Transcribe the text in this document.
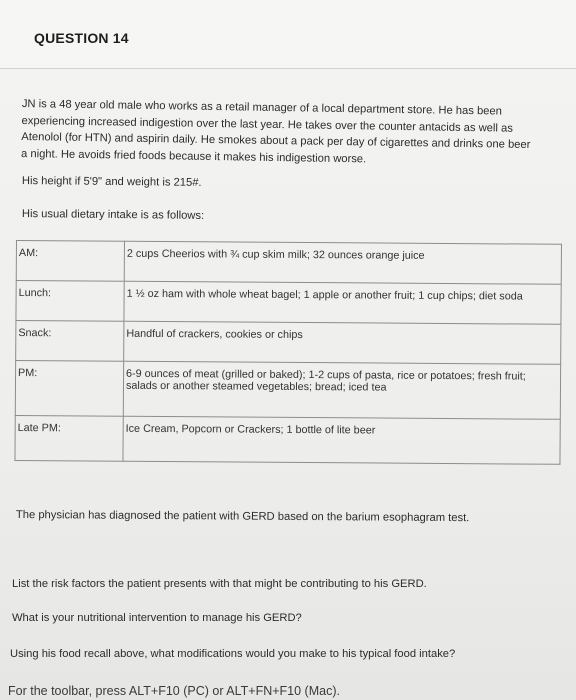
QUESTION 14
JN is a 48 year old male who works as a retail manager of a local department store. He has been
experiencing increased indigestion over the last year. He takes over the counter antacids as well as
Atenolol (for HTN) and aspirin daily. He smokes about a pack per day of cigarettes and drinks one beer
a night. He avoids fried foods because it makes his indigestion worse.
His height if 5'9" and weight is 215#.
His usual dietary intake is as follows:
AM:	2 cups Cheerios with ¾ cup skim milk; 32 ounces orange juice
Lunch:	1 ½ oz ham with whole wheat bagel; 1 apple or another fruit; 1 cup chips; diet soda
Snack:	Handful of crackers, cookies or chips
PM:	6-9 ounces of meat (grilled or baked); 1-2 cups of pasta, rice or potatoes; fresh fruit;
salads or another steamed vegetables; bread; iced tea

Late PM:	Ice Cream, Popcorn or Crackers; 1 bottle of lite beer
The physician has diagnosed the patient with GERD based on the barium esophagram test.
List the risk factors the patient presents with that might be contributing to his GERD.
What is your nutritional intervention to manage his GERD?
Using his food recall above, what modifications would you make to his typical food intake?
For the toolbar, press ALT+F10 (PC) or ALT+FN+F10 (Mac).
